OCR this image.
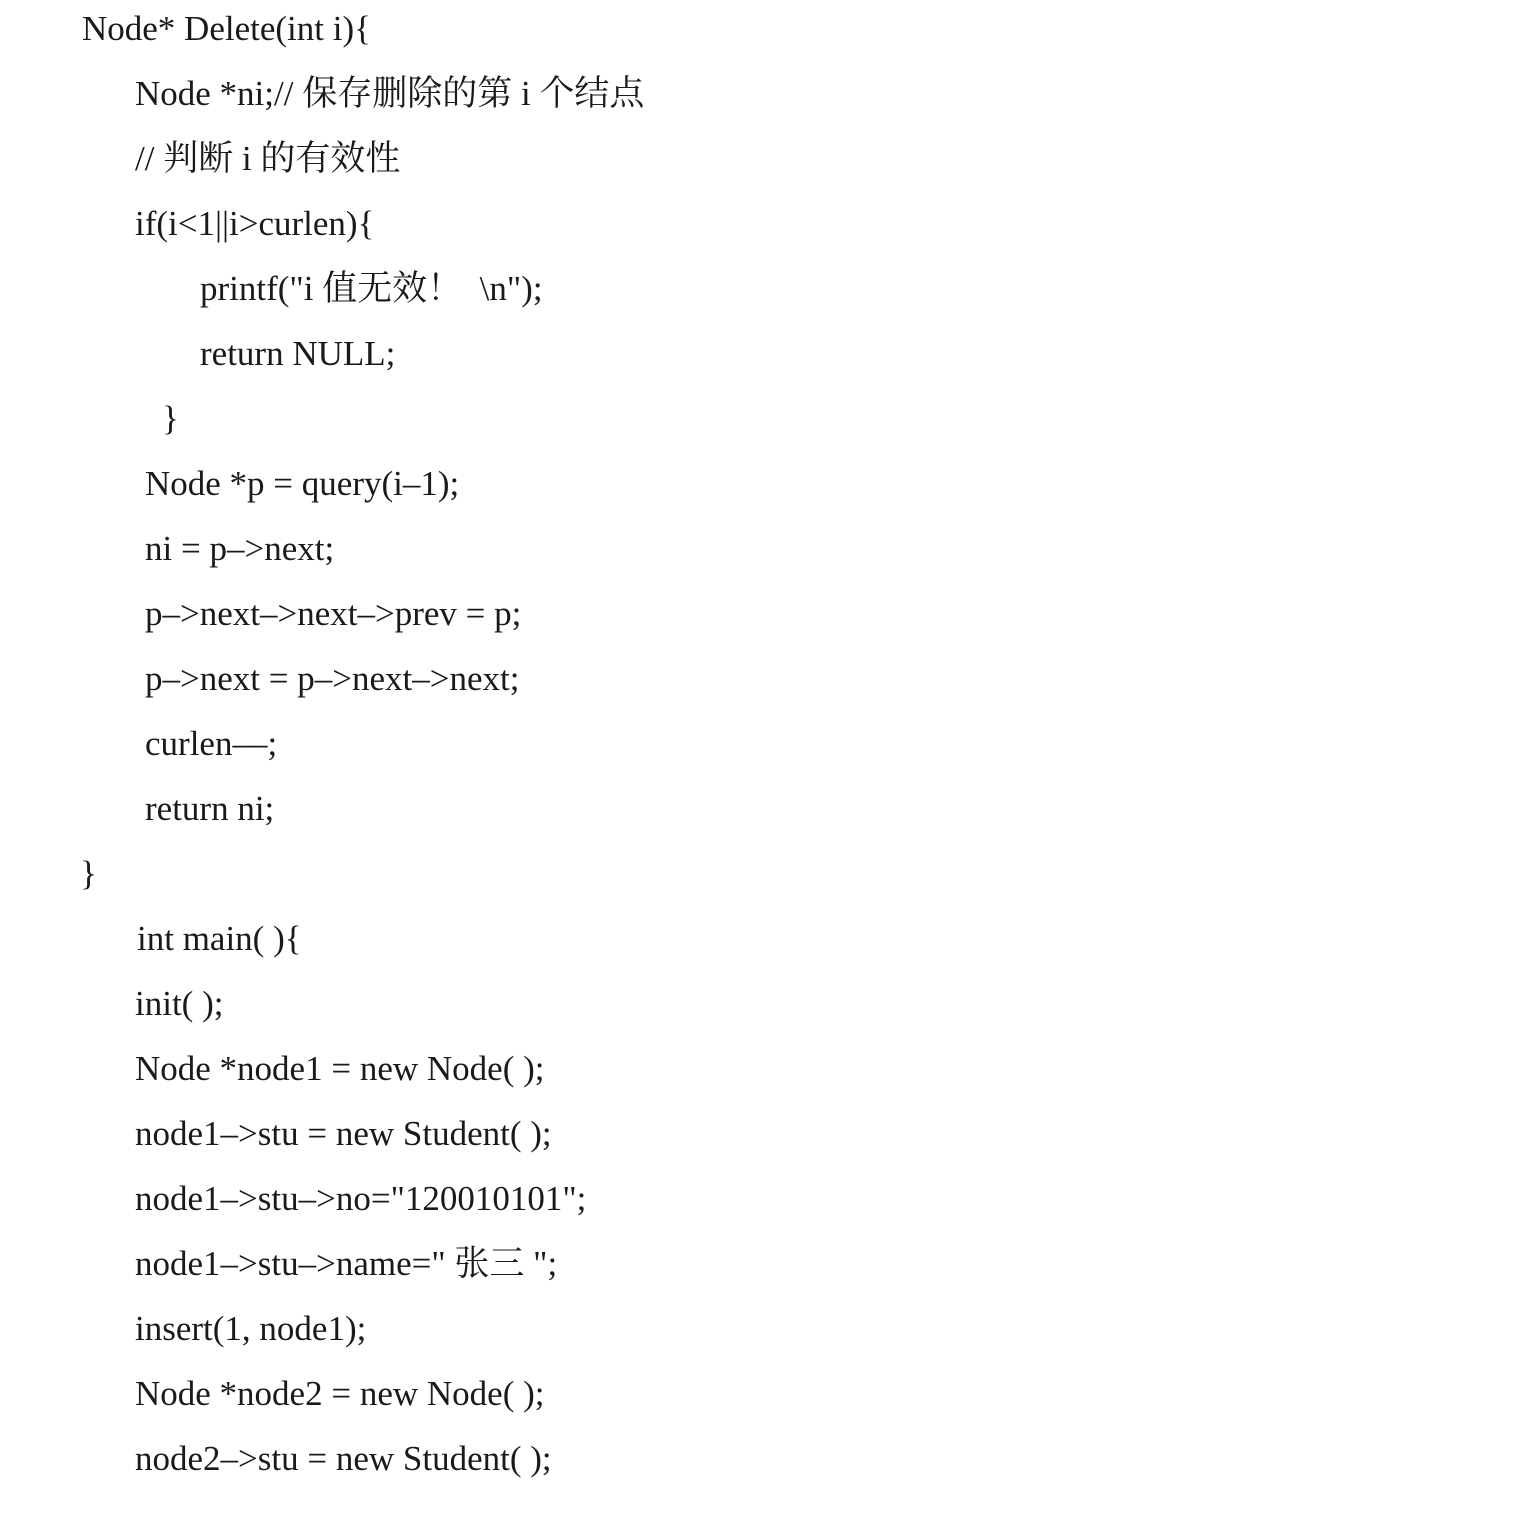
Node* Delete(int i){
Node *ni;// 保存删除的第 i 个结点
// 判断 i 的有效性
if(i<1||i>curlen){
printf("i 值无效！  \n");
return NULL;
}
Node *p = query(i–1);
ni = p–>next;
p–>next–>next–>prev = p;
p–>next = p–>next–>next;
curlen––;
return ni;
}
int main( ){
init( );
Node *node1 = new Node( );
node1–>stu = new Student( );
node1–>stu–>no="120010101";
node1–>stu–>name=" 张三 ";
insert(1, node1);
Node *node2 = new Node( );
node2–>stu = new Student( );
